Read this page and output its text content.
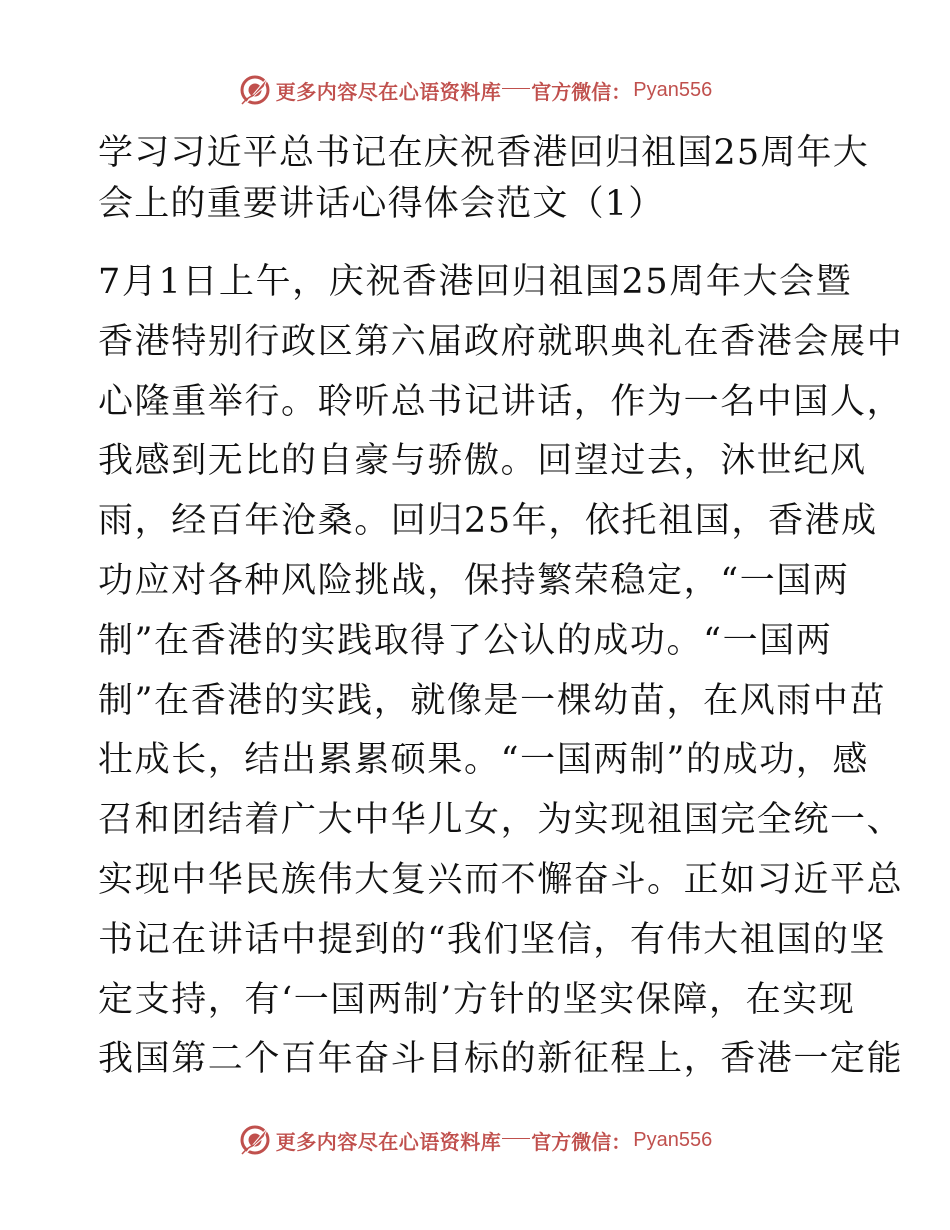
更多内容尽在心语资料库 官方微信： Pyan556
学习习近平总书记在庆祝香港回归祖国25周年大
会上的重要讲话心得体会范文（1）
7月1日上午，庆祝香港回归祖国25周年大会暨
香港特别行政区第六届政府就职典礼在香港会展中
心隆重举行。聆听总书记讲话，作为一名中国人，
我感到无比的自豪与骄傲。回望过去，沐世纪风
雨，经百年沧桑。回归25年，依托祖国，香港成
功应对各种风险挑战，保持繁荣稳定，“一国两
制”在香港的实践取得了公认的成功。“一国两
制”在香港的实践，就像是一棵幼苗，在风雨中茁
壮成长，结出累累硕果。“一国两制”的成功，感
召和团结着广大中华儿女，为实现祖国完全统一、
实现中华民族伟大复兴而不懈奋斗。正如习近平总
书记在讲话中提到的“我们坚信，有伟大祖国的坚
定支持，有‘一国两制’方针的坚实保障，在实现
我国第二个百年奋斗目标的新征程上，香港一定能
更多内容尽在心语资料库 官方微信： Pyan556
